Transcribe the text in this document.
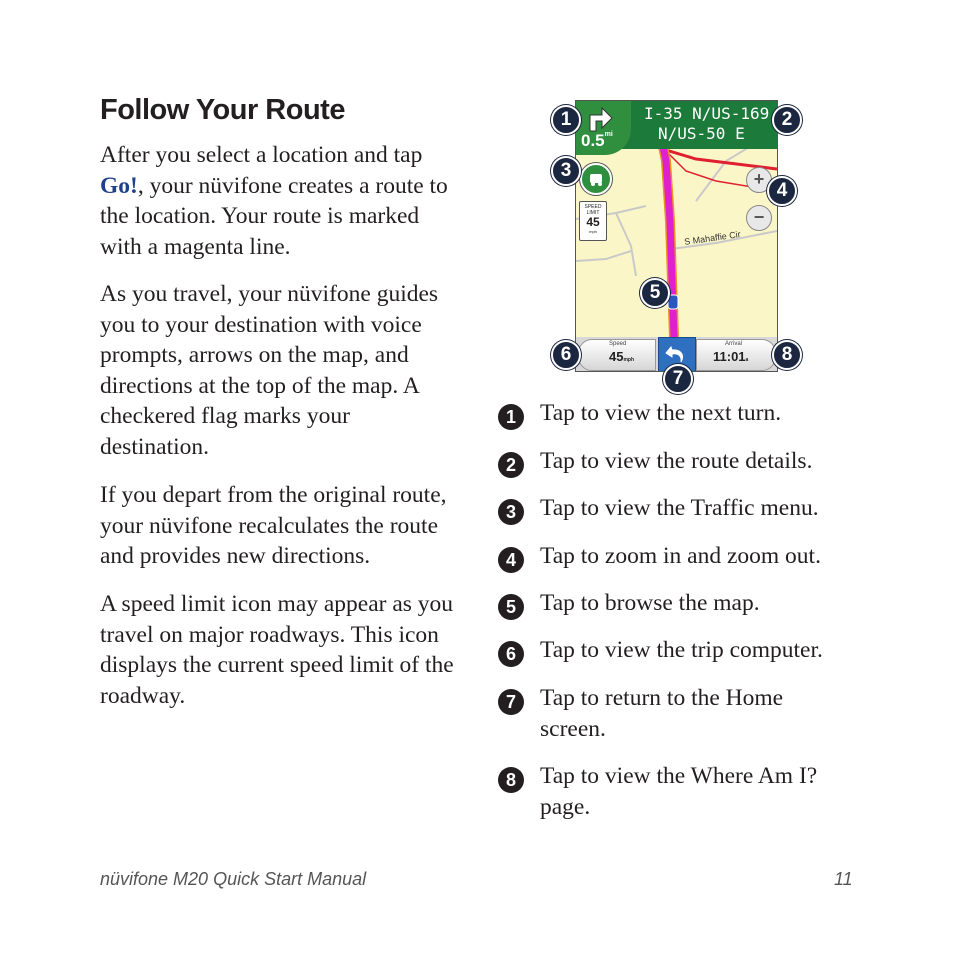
Follow Your Route

After you select a location and tap Go!, your nüvifone creates a route to the location. Your route is marked with a magenta line.

As you travel, your nüvifone guides you to your destination with voice prompts, arrows on the map, and directions at the top of the map. A checkered flag marks your destination.

If you depart from the original route, your nüvifone recalculates the route and provides new directions.

A speed limit icon may appear as you travel on major roadways. This icon displays the current speed limit of the roadway.

$0.5^{mi}$
I-35 N/US-169
N/US-50 E
SPEED LIMIT
45
mph
+
−
S Mahaffie Cir
Speed
45mph
Arrival
11:01a
1	2
3
4
5
6
7
8
1	Tap to view the next turn.
2	Tap to view the route details.
3	Tap to view the Traffic menu.
4	Tap to zoom in and zoom out.
5	Tap to browse the map.
6	Tap to view the trip computer.
7	Tap to return to the Home screen.
8	Tap to view the Where Am I? page.
nüvifone M20 Quick Start Manual	11
